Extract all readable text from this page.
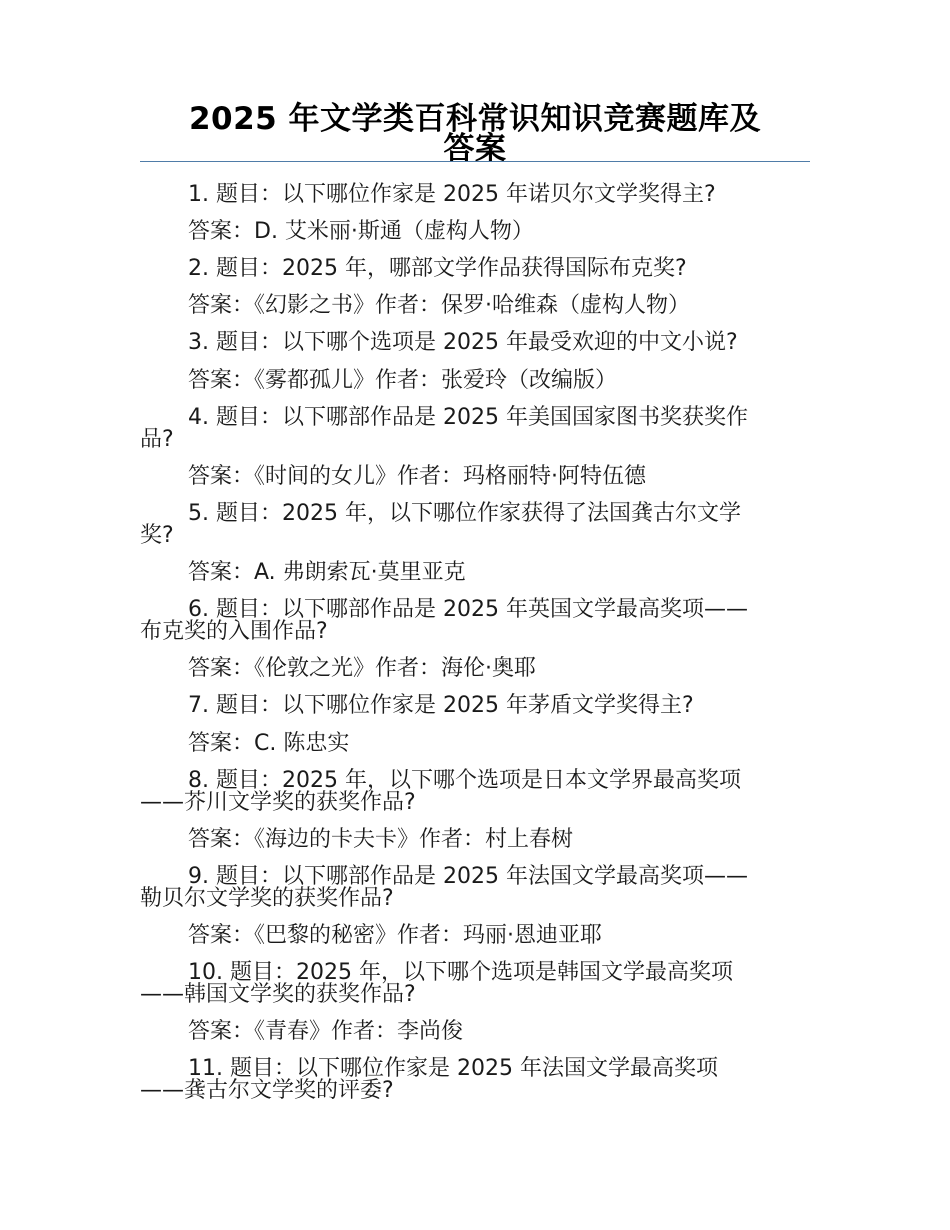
2025 年文学类百科常识知识竞赛题库及
答案
1. 题目：以下哪位作家是 2025 年诺贝尔文学奖得主?
答案：D. 艾米丽·斯通（虚构人物）
2. 题目：2025 年，哪部文学作品获得国际布克奖?
答案：《幻影之书》作者：保罗·哈维森（虚构人物）
3. 题目：以下哪个选项是 2025 年最受欢迎的中文小说?
答案：《雾都孤儿》作者：张爱玲（改编版）
4. 题目：以下哪部作品是 2025 年美国国家图书奖获奖作
品?
答案：《时间的女儿》作者：玛格丽特·阿特伍德
5. 题目：2025 年，以下哪位作家获得了法国龚古尔文学
奖?
答案：A. 弗朗索瓦·莫里亚克
6. 题目：以下哪部作品是 2025 年英国文学最高奖项——
布克奖的入围作品?
答案：《伦敦之光》作者：海伦·奥耶
7. 题目：以下哪位作家是 2025 年茅盾文学奖得主?
答案：C. 陈忠实
8. 题目：2025 年，以下哪个选项是日本文学界最高奖项
——芥川文学奖的获奖作品?
答案：《海边的卡夫卡》作者：村上春树
9. 题目：以下哪部作品是 2025 年法国文学最高奖项——
勒贝尔文学奖的获奖作品?
答案：《巴黎的秘密》作者：玛丽·恩迪亚耶
10. 题目：2025 年，以下哪个选项是韩国文学最高奖项
——韩国文学奖的获奖作品?
答案：《青春》作者：李尚俊
11. 题目：以下哪位作家是 2025 年法国文学最高奖项
——龚古尔文学奖的评委?
